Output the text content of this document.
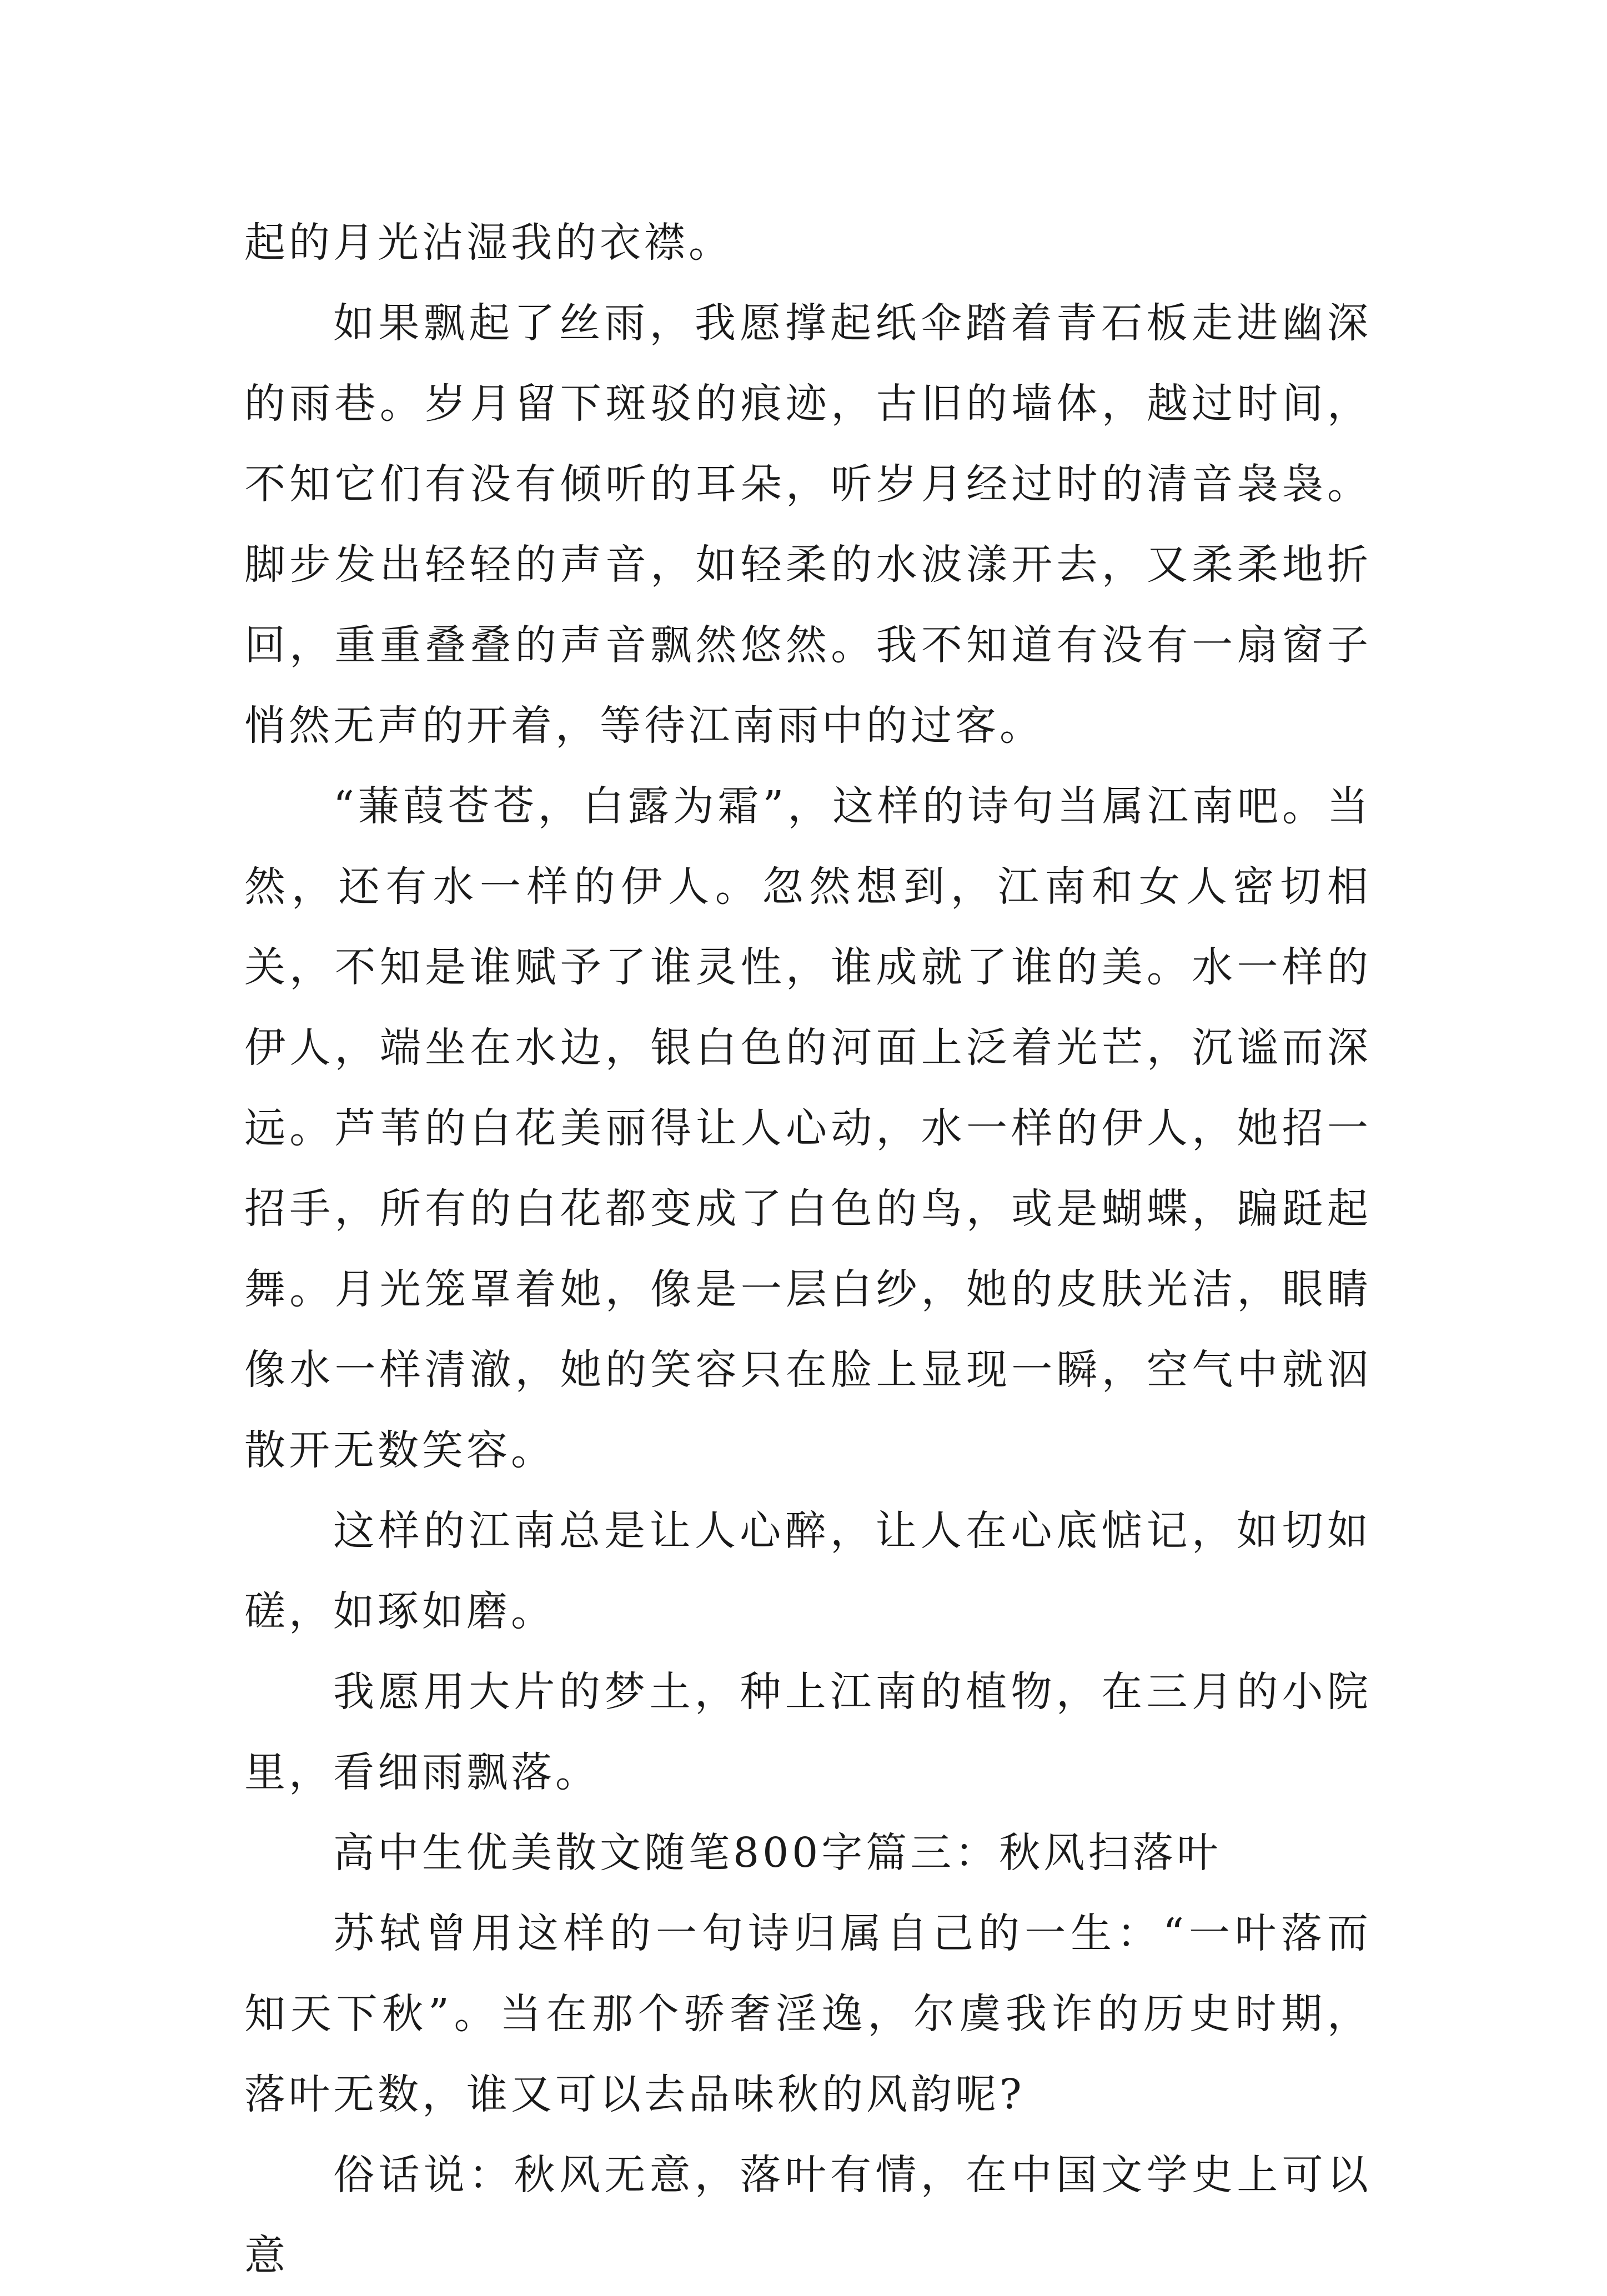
起的月光沾湿我的衣襟。

如果飘起了丝雨，我愿撑起纸伞踏着青石板走进幽深的雨巷。岁月留下斑驳的痕迹，古旧的墙体，越过时间，不知它们有没有倾听的耳朵，听岁月经过时的清音袅袅。脚步发出轻轻的声音，如轻柔的水波漾开去，又柔柔地折回，重重叠叠的声音飘然悠然。我不知道有没有一扇窗子悄然无声的开着，等待江南雨中的过客。

“蒹葭苍苍，白露为霜”，这样的诗句当属江南吧。当然，还有水一样的伊人。忽然想到，江南和女人密切相关，不知是谁赋予了谁灵性，谁成就了谁的美。水一样的伊人，端坐在水边，银白色的河面上泛着光芒，沉谧而深远。芦苇的白花美丽得让人心动，水一样的伊人，她招一招手，所有的白花都变成了白色的鸟，或是蝴蝶，蹁跹起舞。月光笼罩着她，像是一层白纱，她的皮肤光洁，眼睛像水一样清澈，她的笑容只在脸上显现一瞬，空气中就泅散开无数笑容。

这样的江南总是让人心醉，让人在心底惦记，如切如磋，如琢如磨。

我愿用大片的梦土，种上江南的植物，在三月的小院里，看细雨飘落。

高中生优美散文随笔800字篇三：秋风扫落叶

苏轼曾用这样的一句诗归属自己的一生：“一叶落而知天下秋”。当在那个骄奢淫逸，尔虞我诈的历史时期，落叶无数，谁又可以去品味秋的风韵呢?

俗话说：秋风无意，落叶有情，在中国文学史上可以意
